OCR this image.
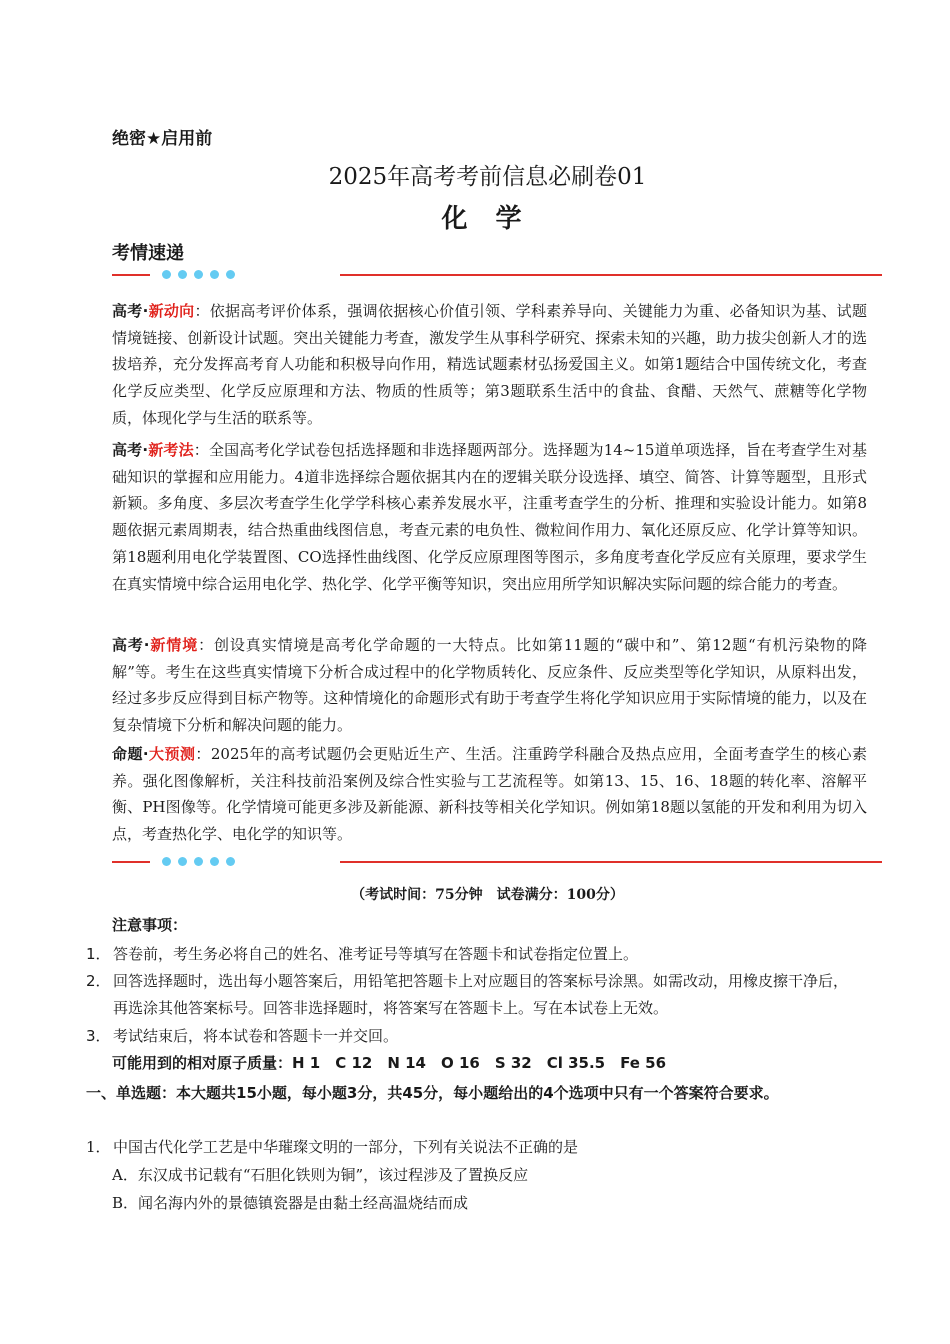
绝密★启用前
2025年高考考前信息必刷卷01
化 学
考情速递
高考·新动向：依据高考评价体系，强调依据核心价值引领、学科素养导向、关键能力为重、必备知识为基、试题情境链接、创新设计试题。突出关键能力考查，激发学生从事科学研究、探索未知的兴趣，助力拔尖创新人才的选拔培养，充分发挥高考育人功能和积极导向作用，精选试题素材弘扬爱国主义。如第1题结合中国传统文化，考查化学反应类型、化学反应原理和方法、物质的性质等；第3题联系生活中的食盐、食醋、天然气、蔗糖等化学物质，体现化学与生活的联系等。
高考·新考法：全国高考化学试卷包括选择题和非选择题两部分。选择题为14~15道单项选择，旨在考查学生对基础知识的掌握和应用能力。4道非选择综合题依据其内在的逻辑关联分设选择、填空、简答、计算等题型，且形式新颖。多角度、多层次考查学生化学学科核心素养发展水平，注重考查学生的分析、推理和实验设计能力。如第8题依据元素周期表，结合热重曲线图信息，考查元素的电负性、微粒间作用力、氧化还原反应、化学计算等知识。第18题利用电化学装置图、CO选择性曲线图、化学反应原理图等图示，多角度考查化学反应有关原理，要求学生在真实情境中综合运用电化学、热化学、化学平衡等知识，突出应用所学知识解决实际问题的综合能力的考查。
高考·新情境：创设真实情境是高考化学命题的一大特点。比如第11题的“碳中和”、第12题“有机污染物的降解”等。考生在这些真实情境下分析合成过程中的化学物质转化、反应条件、反应类型等化学知识，从原料出发，经过多步反应得到目标产物等。这种情境化的命题形式有助于考查学生将化学知识应用于实际情境的能力，以及在复杂情境下分析和解决问题的能力。
命题·大预测：2025年的高考试题仍会更贴近生产、生活。注重跨学科融合及热点应用，全面考查学生的核心素养。强化图像解析，关注科技前沿案例及综合性实验与工艺流程等。如第13、15、16、18题的转化率、溶解平衡、PH图像等。化学情境可能更多涉及新能源、新科技等相关化学知识。例如第18题以氢能的开发和利用为切入点，考查热化学、电化学的知识等。
（考试时间：75分钟　试卷满分：100分）
注意事项：
1． 答卷前，考生务必将自己的姓名、准考证号等填写在答题卡和试卷指定位置上。
2． 回答选择题时，选出每小题答案后，用铅笔把答题卡上对应题目的答案标号涂黑。如需改动，用橡皮擦干净后，再选涂其他答案标号。回答非选择题时，将答案写在答题卡上。写在本试卷上无效。
3． 考试结束后，将本试卷和答题卡一并交回。
可能用到的相对原子质量：H 1　C 12　N 14　O 16　S 32　Cl 35.5　Fe 56
一、单选题：本大题共15小题，每小题3分，共45分，每小题给出的4个选项中只有一个答案符合要求。
1． 中国古代化学工艺是中华璀璨文明的一部分，下列有关说法不正确的是
A．东汉成书记载有“石胆化铁则为铜”，该过程涉及了置换反应
B．闻名海内外的景德镇瓷器是由黏土经高温烧结而成
